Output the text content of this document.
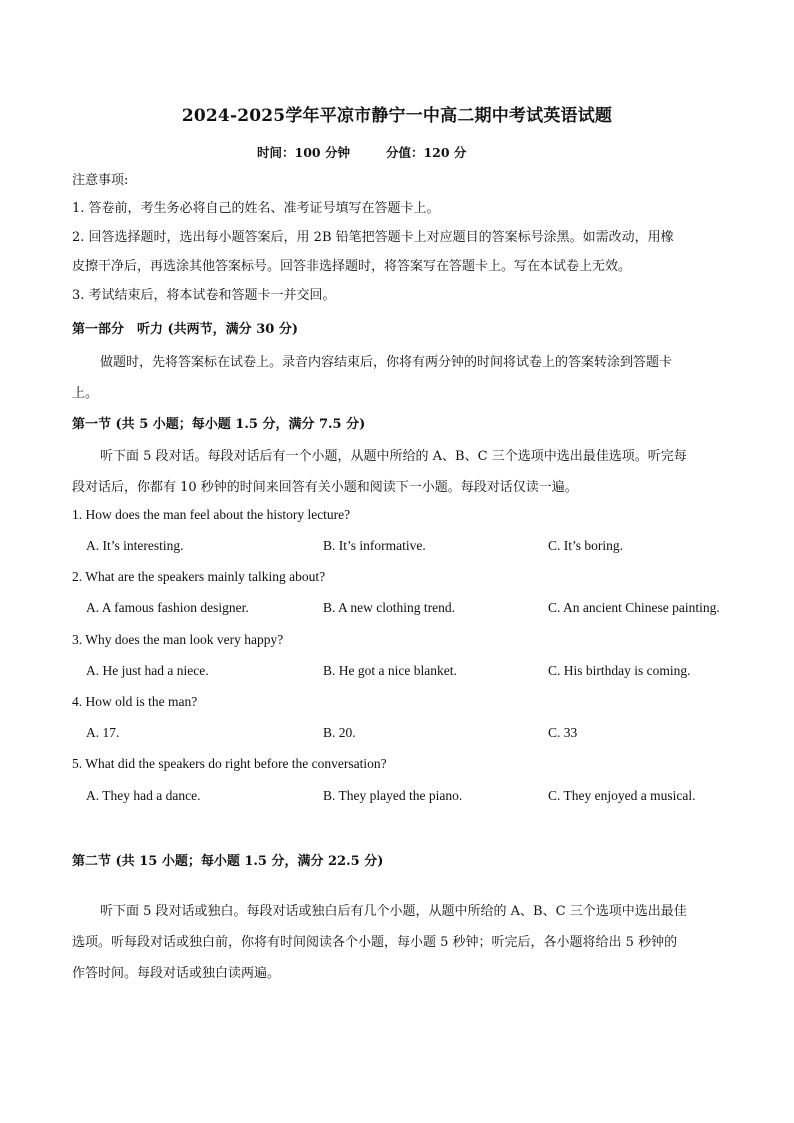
2024-2025学年平凉市静宁一中高二期中考试英语试题
时间：100 分钟	分值：120 分
注意事项:
1. 答卷前，考生务必将自己的姓名、准考证号填写在答题卡上。
2. 回答选择题时，选出每小题答案后，用 2B 铅笔把答题卡上对应题目的答案标号涂黑。如需改动，用橡
皮擦干净后，再选涂其他答案标号。回答非选择题时，将答案写在答题卡上。写在本试卷上无效。
3. 考试结束后，将本试卷和答题卡一并交回。
第一部分　听力 (共两节，满分 30 分)
做题时，先将答案标在试卷上。录音内容结束后，你将有两分钟的时间将试卷上的答案转涂到答题卡
上。
第一节 (共 5 小题；每小题 1.5 分，满分 7.5 分)
听下面 5 段对话。每段对话后有一个小题，从题中所给的 A、B、C 三个选项中选出最佳选项。听完每
段对话后，你都有 10 秒钟的时间来回答有关小题和阅读下一小题。每段对话仅读一遍。
1. How does the man feel about the history lecture?
A. It’s interesting.	B. It’s informative.	C. It’s boring.
2. What are the speakers mainly talking about?
A. A famous fashion designer.	B. A new clothing trend.	C. An ancient Chinese painting.
3. Why does the man look very happy?
A. He just had a niece.	B. He got a nice blanket.	C. His birthday is coming.
4. How old is the man?
A. 17.	B. 20.	C. 33
5. What did the speakers do right before the conversation?
A. They had a dance.	B. They played the piano.	C. They enjoyed a musical.
第二节 (共 15 小题；每小题 1.5 分，满分 22.5 分)
听下面 5 段对话或独白。每段对话或独白后有几个小题，从题中所给的 A、B、C 三个选项中选出最佳
选项。听每段对话或独白前，你将有时间阅读各个小题，每小题 5 秒钟；听完后，各小题将给出 5 秒钟的
作答时间。每段对话或独白读两遍。
